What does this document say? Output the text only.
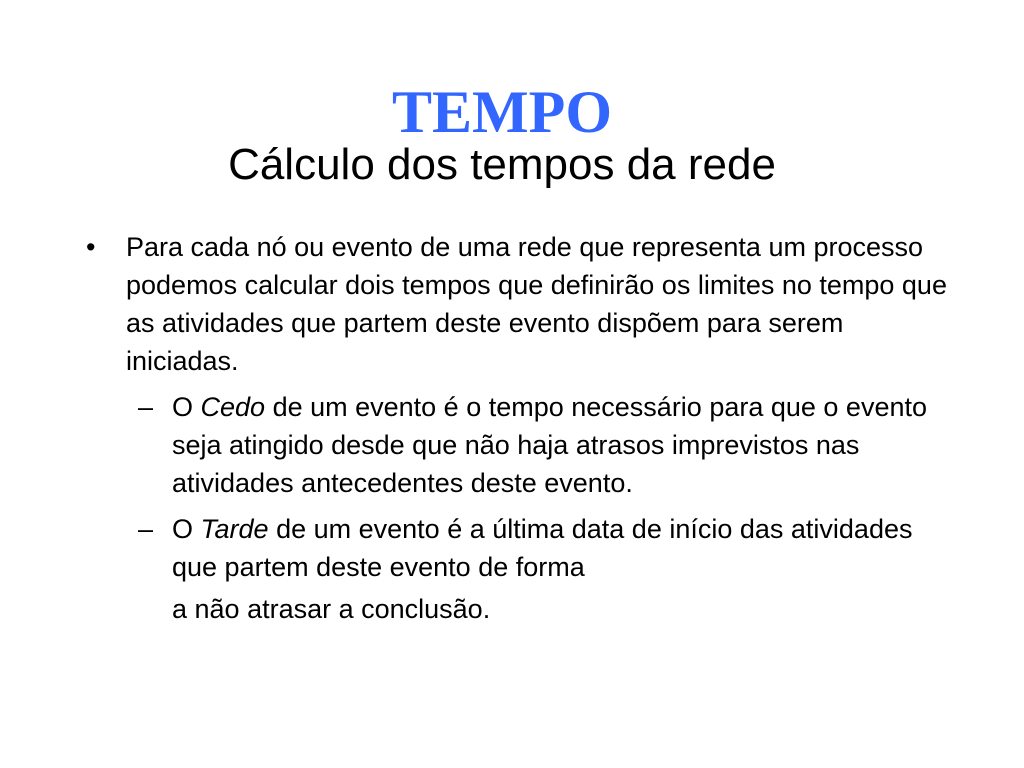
TEMPO
Cálculo dos tempos da rede
• Para cada nó ou evento de uma rede que representa um processo podemos calcular dois tempos que definirão os limites no tempo que as atividades que partem deste evento dispõem para serem iniciadas.
– O Cedo de um evento é o tempo necessário para que o evento seja atingido desde que não haja atrasos imprevistos nas atividades antecedentes deste evento.
– O Tarde de um evento é a última data de início das atividades que partem deste evento de forma
a não atrasar a conclusão.
